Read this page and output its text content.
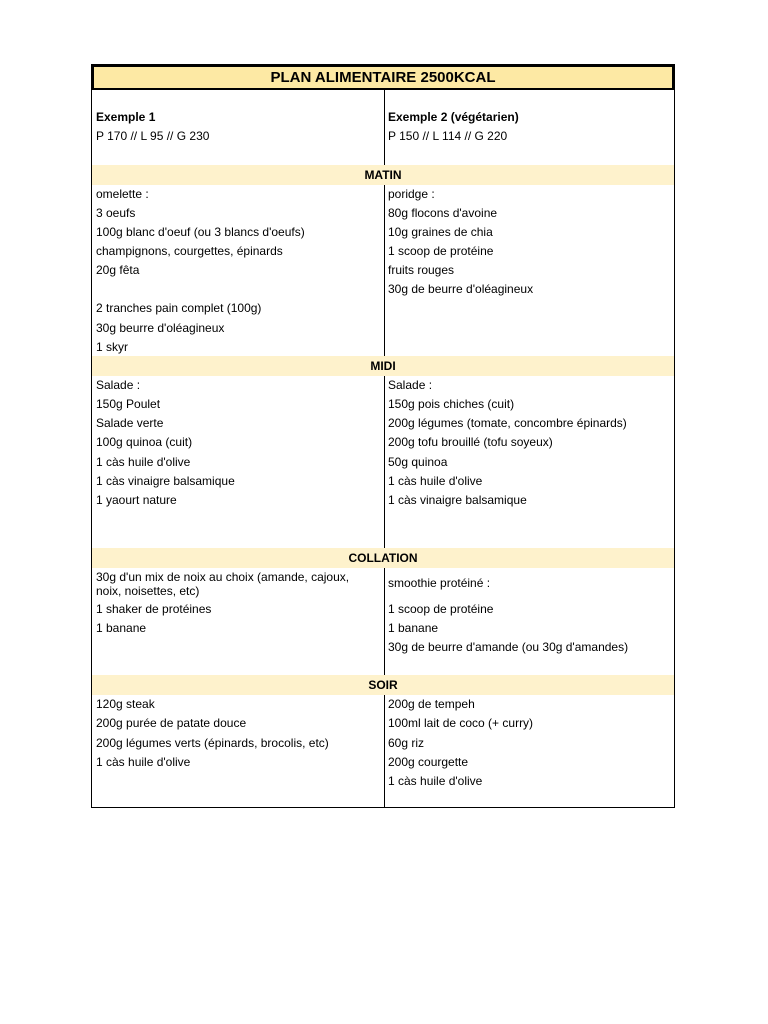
PLAN ALIMENTAIRE 2500KCAL
Exemple 1
P 170 // L 95 // G 230
Exemple 2 (végétarien)
P 150 // L 114 // G 220
MATIN
omelette :
3 oeufs
100g blanc d'oeuf (ou 3 blancs d'oeufs)
champignons, courgettes, épinards
20g fêta
2 tranches pain complet (100g)
30g beurre d'oléagineux
1 skyr
poridge :
80g flocons d'avoine
10g graines de chia
1 scoop de protéine
fruits rouges
30g de beurre d'oléagineux
MIDI
Salade :
150g Poulet
Salade verte
100g quinoa (cuit)
1 càs huile d'olive
1 càs vinaigre balsamique
1 yaourt nature
Salade :
150g pois chiches (cuit)
200g légumes (tomate, concombre épinards)
200g tofu brouillé (tofu soyeux)
50g quinoa
1 càs huile d'olive
1 càs vinaigre balsamique
COLLATION
30g d'un mix de noix au choix (amande, cajoux, noix, noisettes, etc)
1 shaker de protéines
1 banane
smoothie protéiné :
1 scoop de protéine
1 banane
30g de beurre d'amande (ou 30g d'amandes)
SOIR
120g steak
200g purée de patate douce
200g légumes verts (épinards, brocolis, etc)
1 càs huile d'olive
200g de tempeh
100ml lait de coco (+ curry)
60g riz
200g courgette
1 càs huile d'olive
